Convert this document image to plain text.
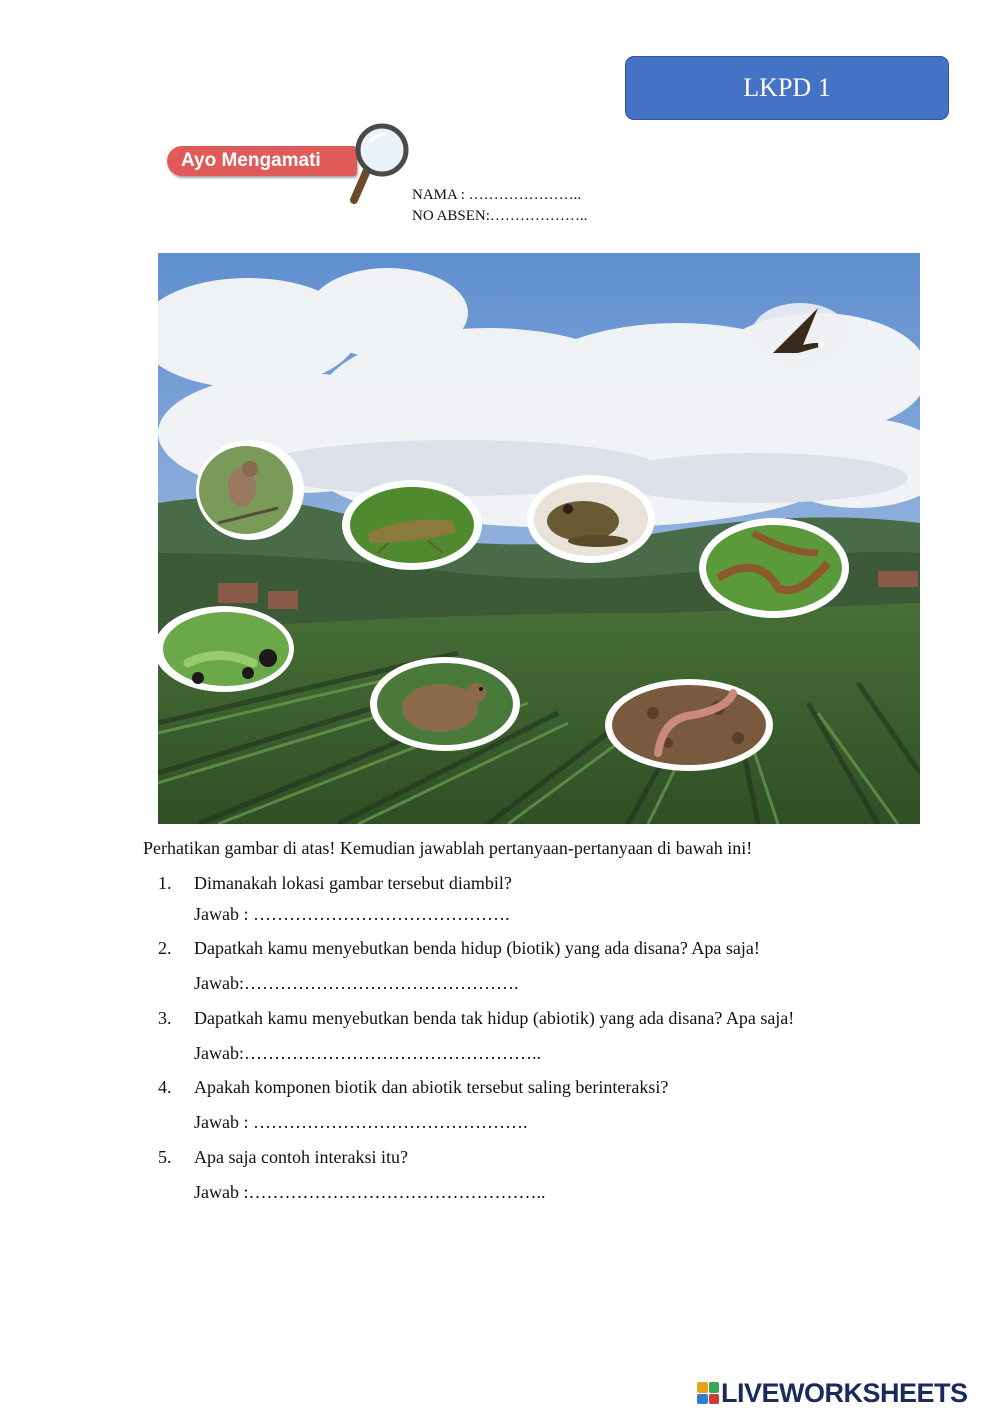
LKPD 1
Ayo Mengamati
NAMA : …………………..
NO ABSEN:………………..
Perhatikan gambar di atas! Kemudian jawablah pertanyaan-pertanyaan di bawah ini!
1. Dimanakah lokasi gambar tersebut diambil?
Jawab : …………………………………….
2. Dapatkah kamu menyebutkan benda hidup (biotik) yang ada disana? Apa saja!
Jawab:……………………………………….
3. Dapatkah kamu menyebutkan benda tak hidup (abiotik) yang ada disana? Apa saja!
Jawab:…………………………………………..
4. Apakah komponen biotik dan abiotik tersebut saling berinteraksi?
Jawab : ……………………………………….
5. Apa saja contoh interaksi itu?
Jawab :…………………………………………..
LIVEWORKSHEETS
